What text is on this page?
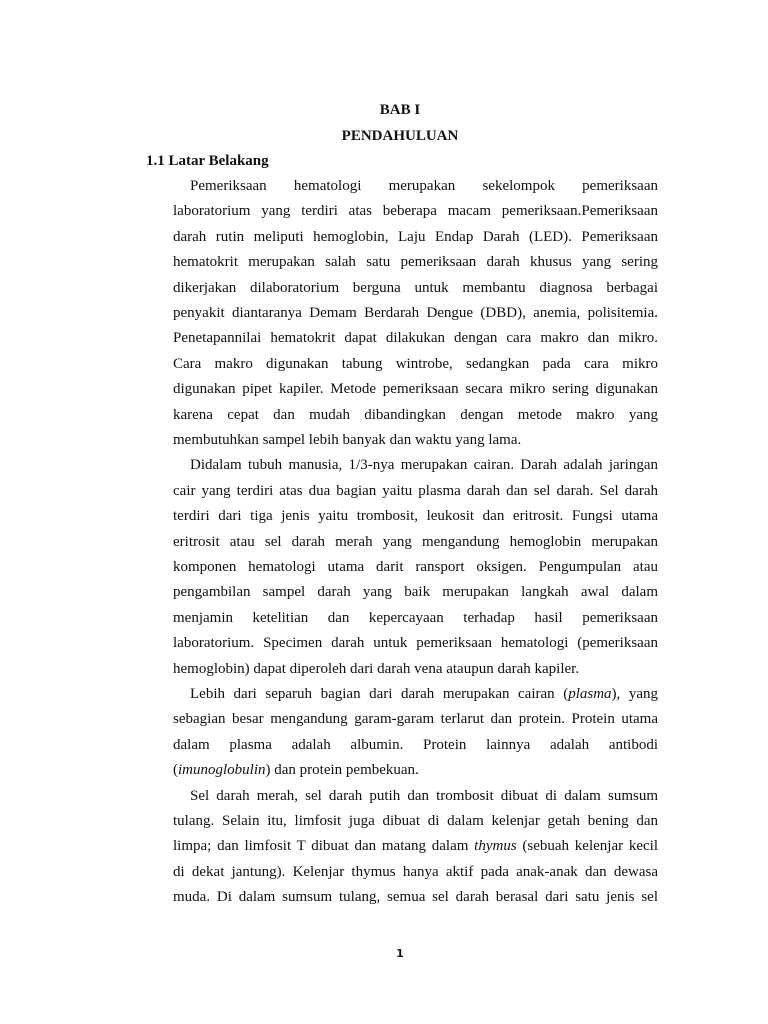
BAB I
PENDAHULUAN
1.1 Latar Belakang
Pemeriksaan hematologi merupakan sekelompok pemeriksaan
laboratorium yang terdiri atas beberapa macam pemeriksaan.Pemeriksaan
darah rutin meliputi hemoglobin, Laju Endap Darah (LED). Pemeriksaan
hematokrit merupakan salah satu pemeriksaan darah khusus yang sering
dikerjakan dilaboratorium berguna untuk membantu diagnosa berbagai
penyakit diantaranya Demam Berdarah Dengue (DBD), anemia, polisitemia.
Penetapannilai hematokrit dapat dilakukan dengan cara makro dan mikro.
Cara makro digunakan tabung wintrobe, sedangkan pada cara mikro
digunakan pipet kapiler. Metode pemeriksaan secara mikro sering digunakan
karena cepat dan mudah dibandingkan dengan metode makro yang
membutuhkan sampel lebih banyak dan waktu yang lama.
Didalam tubuh manusia, 1/3-nya merupakan cairan. Darah adalah jaringan
cair yang terdiri atas dua bagian yaitu plasma darah dan sel darah. Sel darah
terdiri dari tiga jenis yaitu trombosit, leukosit dan eritrosit. Fungsi utama
eritrosit atau sel darah merah yang mengandung hemoglobin merupakan
komponen hematologi utama darit ransport oksigen. Pengumpulan atau
pengambilan sampel darah yang baik merupakan langkah awal dalam
menjamin ketelitian dan kepercayaan terhadap hasil pemeriksaan
laboratorium. Specimen darah untuk pemeriksaan hematologi (pemeriksaan
hemoglobin) dapat diperoleh dari darah vena ataupun darah kapiler.
Lebih dari separuh bagian dari darah merupakan cairan (plasma), yang
sebagian besar mengandung garam-garam terlarut dan protein. Protein utama
dalam plasma adalah albumin. Protein lainnya adalah antibodi
(imunoglobulin) dan protein pembekuan.
Sel darah merah, sel darah putih dan trombosit dibuat di dalam sumsum
tulang. Selain itu, limfosit juga dibuat di dalam kelenjar getah bening dan
limpa; dan limfosit T dibuat dan matang dalam thymus (sebuah kelenjar kecil
di dekat jantung). Kelenjar thymus hanya aktif pada anak-anak dan dewasa
muda. Di dalam sumsum tulang, semua sel darah berasal dari satu jenis sel
1
